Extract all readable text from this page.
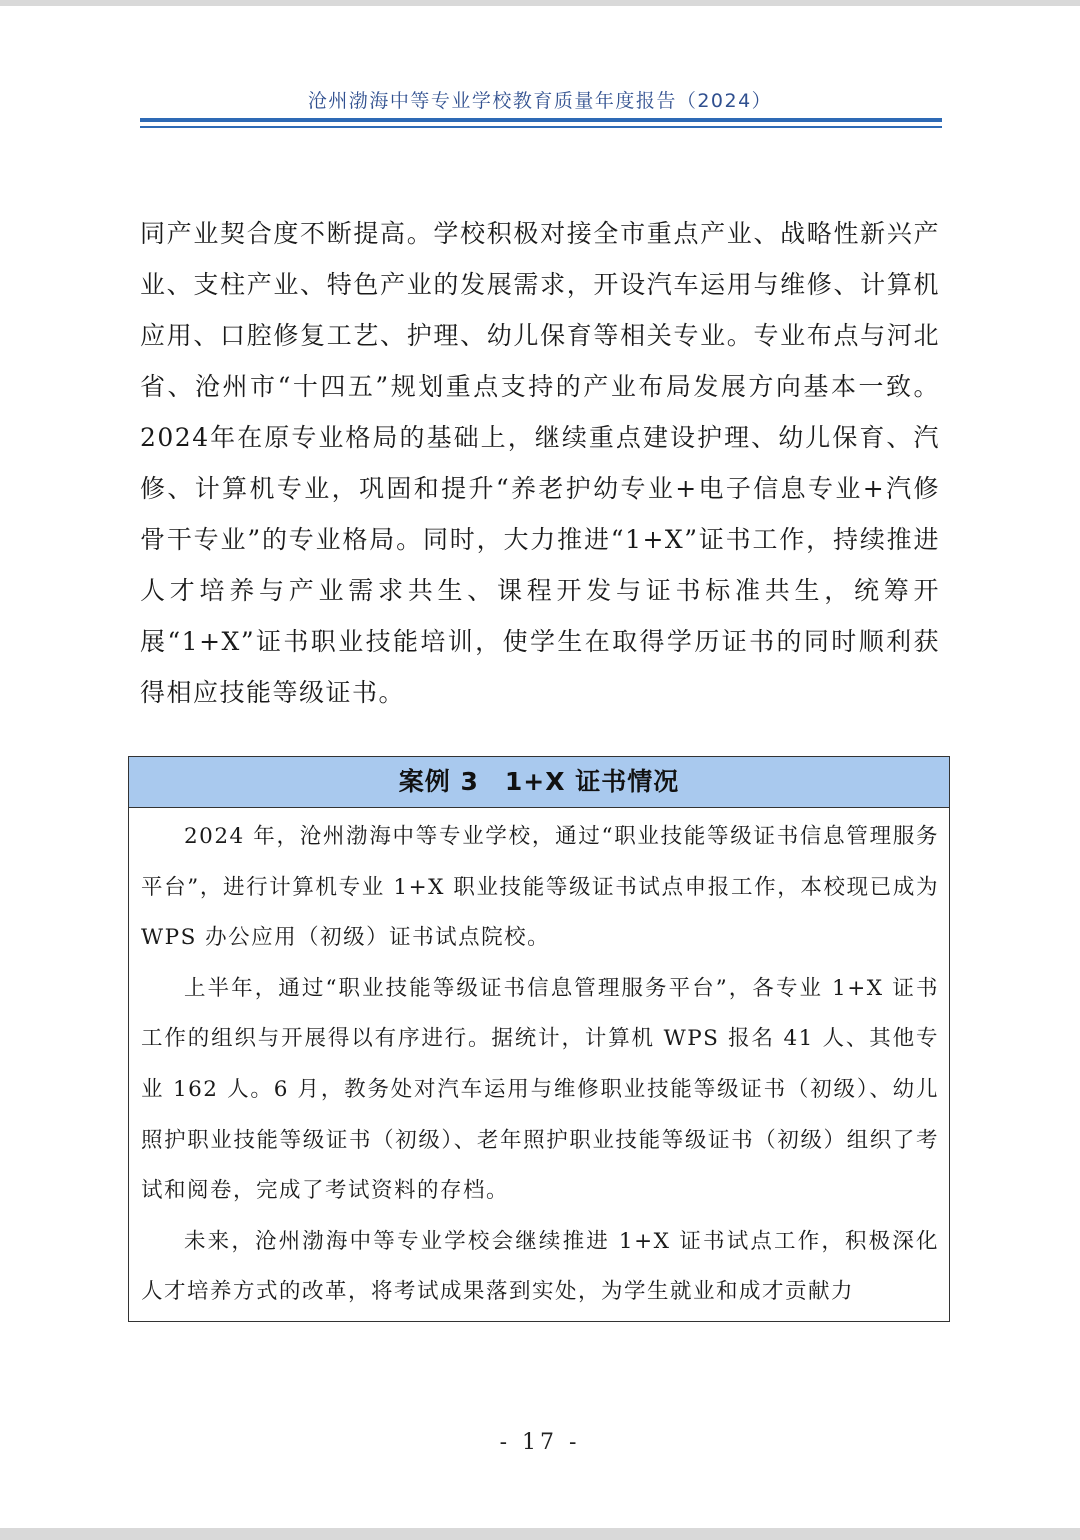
沧州渤海中等专业学校教育质量年度报告（2024）

同产业契合度不断提高。学校积极对接全市重点产业、战略性新兴产业、支柱产业、特色产业的发展需求，开设汽车运用与维修、计算机应用、口腔修复工艺、护理、幼儿保育等相关专业。专业布点与河北省、沧州市“十四五”规划重点支持的产业布局发展方向基本一致。2024年在原专业格局的基础上，继续重点建设护理、幼儿保育、汽修、计算机专业，巩固和提升“养老护幼专业+电子信息专业+汽修骨干专业”的专业格局。同时，大力推进“1+X”证书工作，持续推进人才培养与产业需求共生、课程开发与证书标准共生，统筹开展“1+X”证书职业技能培训，使学生在取得学历证书的同时顺利获得相应技能等级证书。

案例 3　1+X 证书情况

2024 年，沧州渤海中等专业学校，通过“职业技能等级证书信息管理服务平台”，进行计算机专业 1+X 职业技能等级证书试点申报工作，本校现已成为 WPS 办公应用（初级）证书试点院校。

上半年，通过“职业技能等级证书信息管理服务平台”，各专业 1+X 证书工作的组织与开展得以有序进行。据统计，计算机 WPS 报名 41 人、其他专业 162 人。6 月，教务处对汽车运用与维修职业技能等级证书（初级）、幼儿照护职业技能等级证书（初级）、老年照护职业技能等级证书（初级）组织了考试和阅卷，完成了考试资料的存档。

未来，沧州渤海中等专业学校会继续推进 1+X 证书试点工作，积极深化人才培养方式的改革，将考试成果落到实处，为学生就业和成才贡献力

- 17 -
